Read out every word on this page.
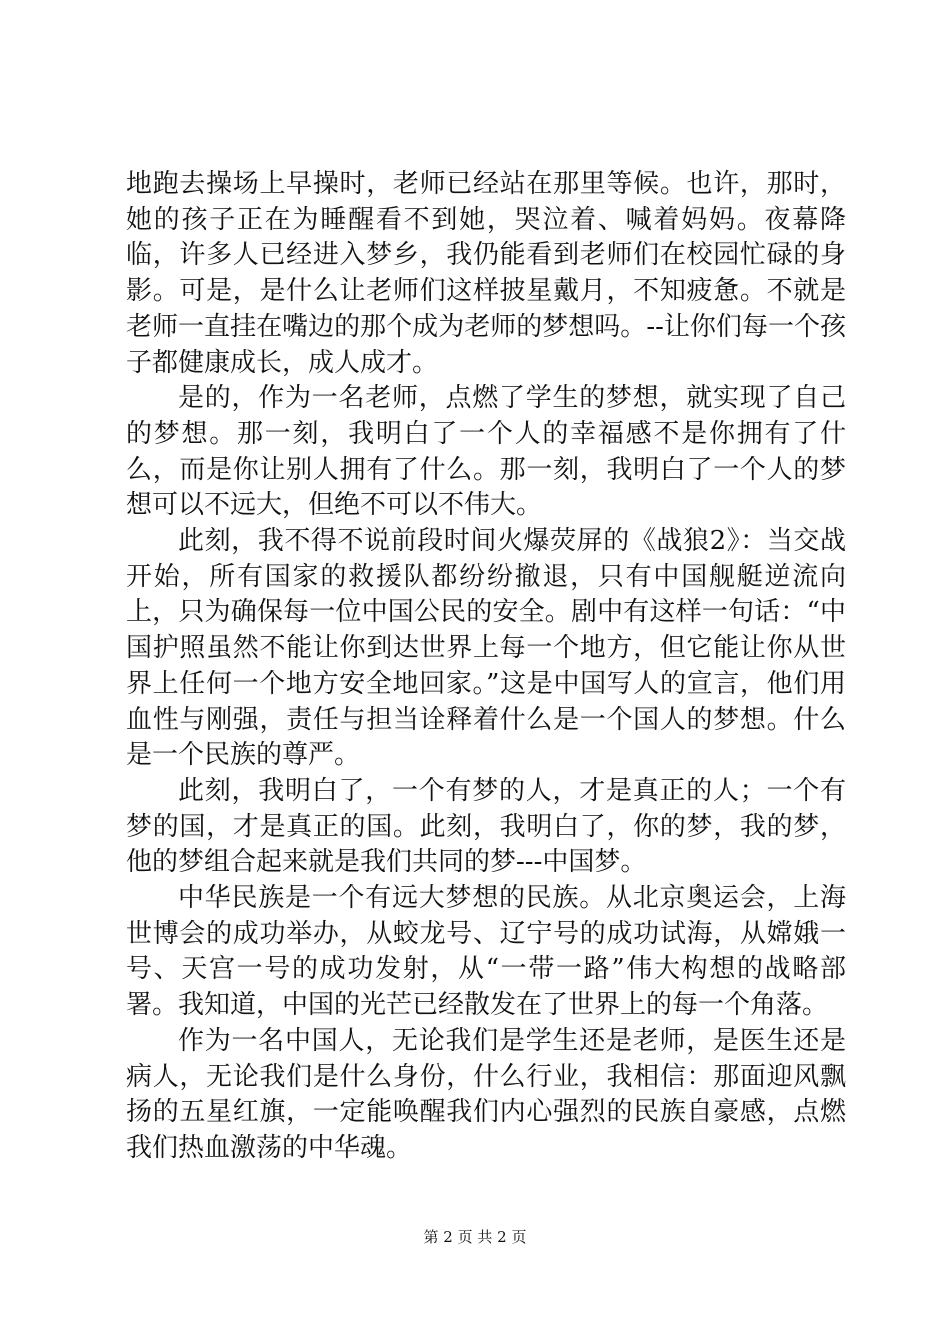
地跑去操场上早操时，老师已经站在那里等候。也许，那时，她的孩子正在为睡醒看不到她，哭泣着、喊着妈妈。夜幕降临，许多人已经进入梦乡，我仍能看到老师们在校园忙碌的身影。可是，是什么让老师们这样披星戴月，不知疲惫。不就是老师一直挂在嘴边的那个成为老师的梦想吗。--让你们每一个孩子都健康成长，成人成才。

是的，作为一名老师，点燃了学生的梦想，就实现了自己的梦想。那一刻，我明白了一个人的幸福感不是你拥有了什么，而是你让别人拥有了什么。那一刻，我明白了一个人的梦想可以不远大，但绝不可以不伟大。

此刻，我不得不说前段时间火爆荧屏的《战狼2》：当交战开始，所有国家的救援队都纷纷撤退，只有中国舰艇逆流向上，只为确保每一位中国公民的安全。剧中有这样一句话：“中国护照虽然不能让你到达世界上每一个地方，但它能让你从世界上任何一个地方安全地回家。”这是中国写人的宣言，他们用血性与刚强，责任与担当诠释着什么是一个国人的梦想。什么是一个民族的尊严。

此刻，我明白了，一个有梦的人，才是真正的人；一个有梦的国，才是真正的国。此刻，我明白了，你的梦，我的梦，他的梦组合起来就是我们共同的梦---中国梦。

中华民族是一个有远大梦想的民族。从北京奥运会，上海世博会的成功举办，从蛟龙号、辽宁号的成功试海，从嫦娥一号、天宫一号的成功发射，从“一带一路”伟大构想的战略部署。我知道，中国的光芒已经散发在了世界上的每一个角落。

作为一名中国人，无论我们是学生还是老师，是医生还是病人，无论我们是什么身份，什么行业，我相信：那面迎风飘扬的五星红旗，一定能唤醒我们内心强烈的民族自豪感，点燃我们热血激荡的中华魂。

第 2 页 共 2 页
